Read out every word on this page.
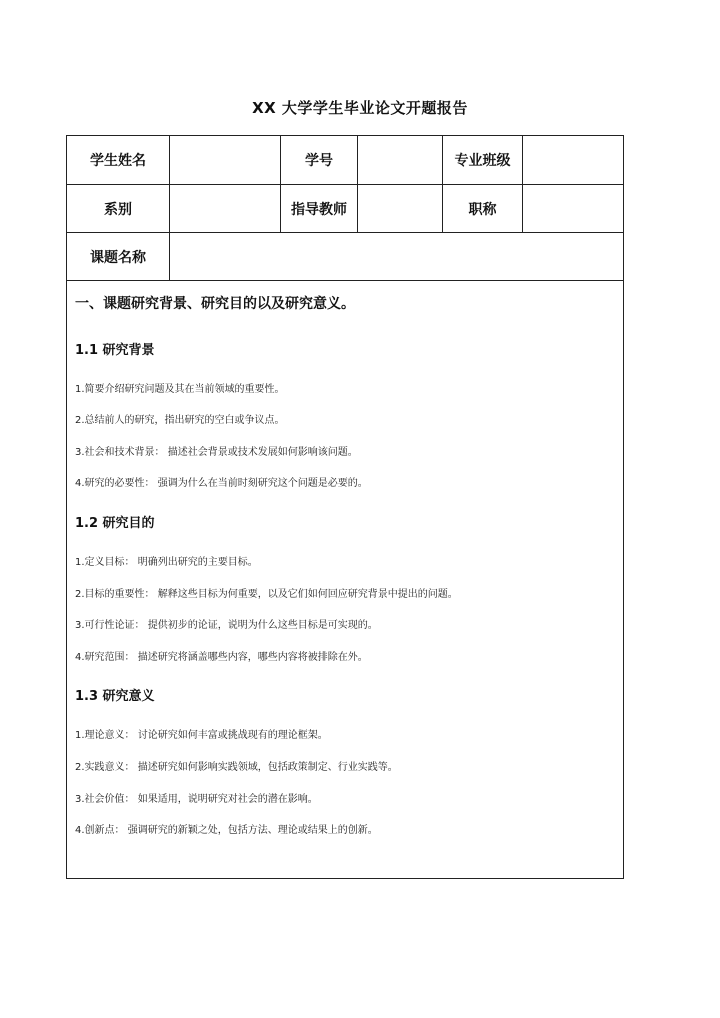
XX 大学学生毕业论文开题报告
学生姓名	学号	专业班级
系别	指导教师	职称
课题名称
一、课题研究背景、研究目的以及研究意义。
1.1 研究背景
1.简要介绍研究问题及其在当前领域的重要性。
2.总结前人的研究，指出研究的空白或争议点。
3.社会和技术背景： 描述社会背景或技术发展如何影响该问题。
4.研究的必要性： 强调为什么在当前时刻研究这个问题是必要的。
1.2 研究目的
1.定义目标： 明确列出研究的主要目标。
2.目标的重要性： 解释这些目标为何重要，以及它们如何回应研究背景中提出的问题。
3.可行性论证： 提供初步的论证，说明为什么这些目标是可实现的。
4.研究范围： 描述研究将涵盖哪些内容，哪些内容将被排除在外。
1.3 研究意义
1.理论意义： 讨论研究如何丰富或挑战现有的理论框架。
2.实践意义： 描述研究如何影响实践领域，包括政策制定、行业实践等。
3.社会价值： 如果适用，说明研究对社会的潜在影响。
4.创新点： 强调研究的新颖之处，包括方法、理论或结果上的创新。
